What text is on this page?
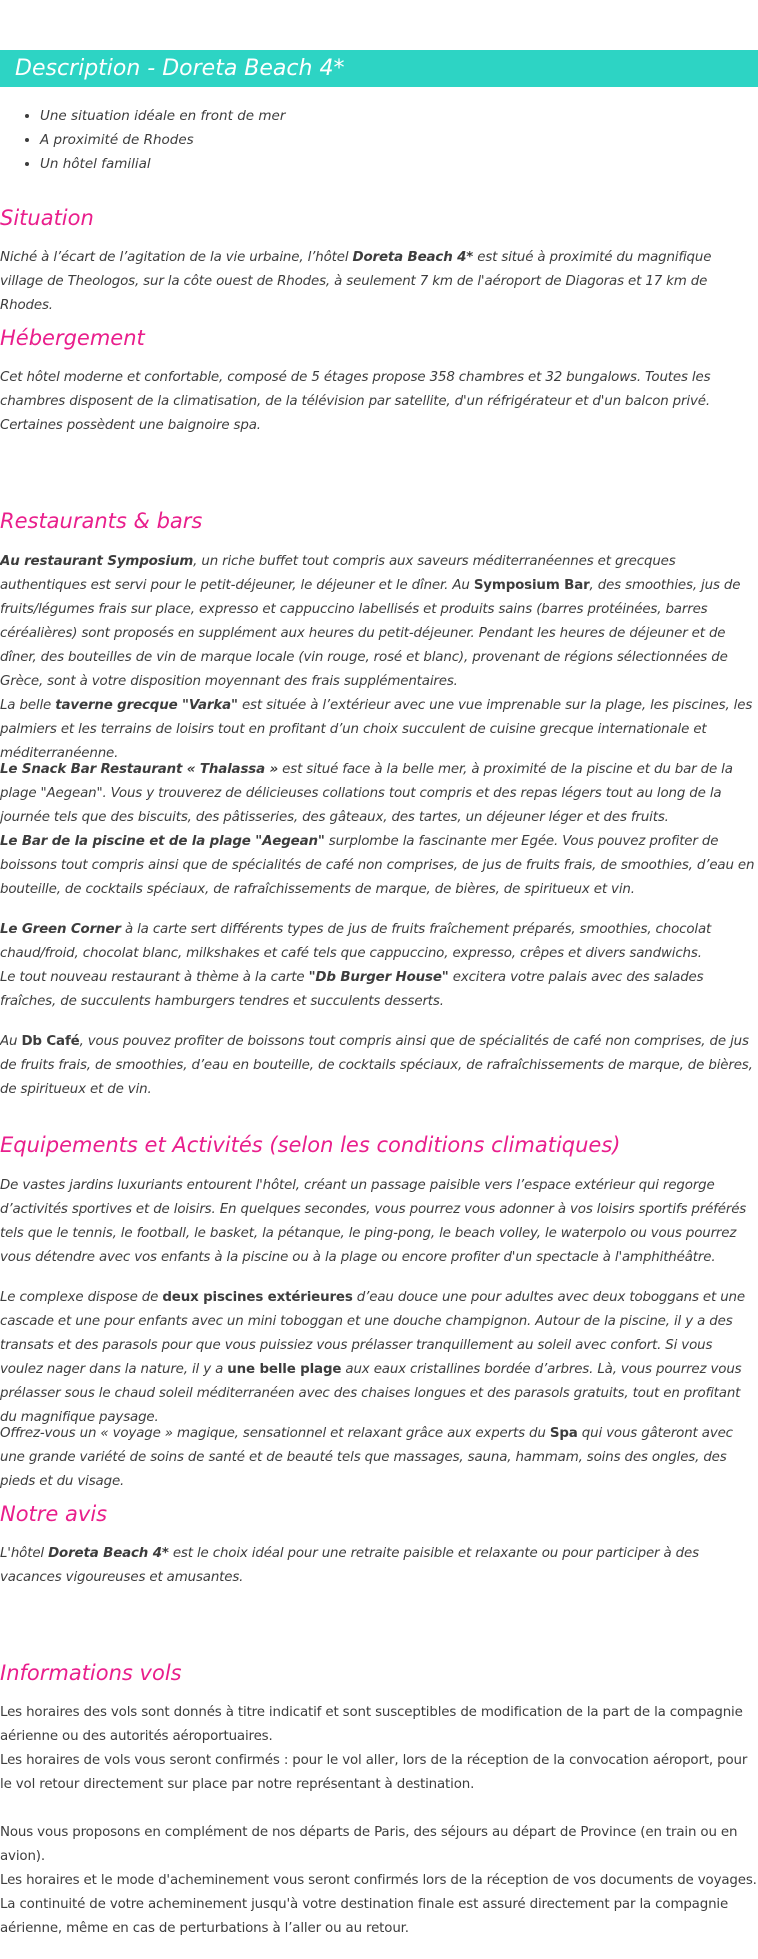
Description - Doreta Beach 4*
• Une situation idéale en front de mer
• A proximité de Rhodes
• Un hôtel familial
Situation

Niché à l’écart de l’agitation de la vie urbaine, l’hôtel Doreta Beach 4* est situé à proximité du magnifique village de Theologos, sur la côte ouest de Rhodes, à seulement 7 km de l'aéroport de Diagoras et 17 km de Rhodes.

Hébergement

Cet hôtel moderne et confortable, composé de 5 étages propose 358 chambres et 32 bungalows. Toutes les chambres disposent de la climatisation, de la télévision par satellite, d'un réfrigérateur et d'un balcon privé. Certaines possèdent une baignoire spa.

Restaurants & bars

Au restaurant Symposium, un riche buffet tout compris aux saveurs méditerranéennes et grecques authentiques est servi pour le petit-déjeuner, le déjeuner et le dîner. Au Symposium Bar, des smoothies, jus de fruits/légumes frais sur place, expresso et cappuccino labellisés et produits sains (barres protéinées, barres céréalières) sont proposés en supplément aux heures du petit-déjeuner. Pendant les heures de déjeuner et de dîner, des bouteilles de vin de marque locale (vin rouge, rosé et blanc), provenant de régions sélectionnées de Grèce, sont à votre disposition moyennant des frais supplémentaires.
La belle taverne grecque "Varka" est située à l’extérieur avec une vue imprenable sur la plage, les piscines, les palmiers et les terrains de loisirs tout en profitant d’un choix succulent de cuisine grecque internationale et méditerranéenne.

Le Snack Bar Restaurant « Thalassa » est situé face à la belle mer, à proximité de la piscine et du bar de la plage "Aegean". Vous y trouverez de délicieuses collations tout compris et des repas légers tout au long de la journée tels que des biscuits, des pâtisseries, des gâteaux, des tartes, un déjeuner léger et des fruits.
Le Bar de la piscine et de la plage "Aegean" surplombe la fascinante mer Egée. Vous pouvez profiter de boissons tout compris ainsi que de spécialités de café non comprises, de jus de fruits frais, de smoothies, d’eau en bouteille, de cocktails spéciaux, de rafraîchissements de marque, de bières, de spiritueux et vin.

Le Green Corner à la carte sert différents types de jus de fruits fraîchement préparés, smoothies, chocolat chaud/froid, chocolat blanc, milkshakes et café tels que cappuccino, expresso, crêpes et divers sandwichs.
Le tout nouveau restaurant à thème à la carte "Db Burger House" excitera votre palais avec des salades fraîches, de succulents hamburgers tendres et succulents desserts.

Au Db Café, vous pouvez profiter de boissons tout compris ainsi que de spécialités de café non comprises, de jus de fruits frais, de smoothies, d’eau en bouteille, de cocktails spéciaux, de rafraîchissements de marque, de bières, de spiritueux et de vin.

Equipements et Activités (selon les conditions climatiques)

De vastes jardins luxuriants entourent l'hôtel, créant un passage paisible vers l’espace extérieur qui regorge d’activités sportives et de loisirs. En quelques secondes, vous pourrez vous adonner à vos loisirs sportifs préférés tels que le tennis, le football, le basket, la pétanque, le ping-pong, le beach volley, le waterpolo ou vous pourrez vous détendre avec vos enfants à la piscine ou à la plage ou encore profiter d'un spectacle à l'amphithéâtre.

Le complexe dispose de deux piscines extérieures d’eau douce une pour adultes avec deux toboggans et une cascade et une pour enfants avec un mini toboggan et une douche champignon. Autour de la piscine, il y a des transats et des parasols pour que vous puissiez vous prélasser tranquillement au soleil avec confort. Si vous voulez nager dans la nature, il y a une belle plage aux eaux cristallines bordée d’arbres. Là, vous pourrez vous prélasser sous le chaud soleil méditerranéen avec des chaises longues et des parasols gratuits, tout en profitant du magnifique paysage.

Offrez-vous un « voyage » magique, sensationnel et relaxant grâce aux experts du Spa qui vous gâteront avec une grande variété de soins de santé et de beauté tels que massages, sauna, hammam, soins des ongles, des pieds et du visage.

Notre avis

L'hôtel Doreta Beach 4* est le choix idéal pour une retraite paisible et relaxante ou pour participer à des vacances vigoureuses et amusantes.

Informations vols

Les horaires des vols sont donnés à titre indicatif et sont susceptibles de modification de la part de la compagnie aérienne ou des autorités aéroportuaires.
Les horaires de vols vous seront confirmés : pour le vol aller, lors de la réception de la convocation aéroport, pour le vol retour directement sur place par notre représentant à destination.

Nous vous proposons en complément de nos départs de Paris, des séjours au départ de Province (en train ou en avion).
Les horaires et le mode d'acheminement vous seront confirmés lors de la réception de vos documents de voyages.
La continuité de votre acheminement jusqu'à votre destination finale est assuré directement par la compagnie aérienne, même en cas de perturbations à l’aller ou au retour.
